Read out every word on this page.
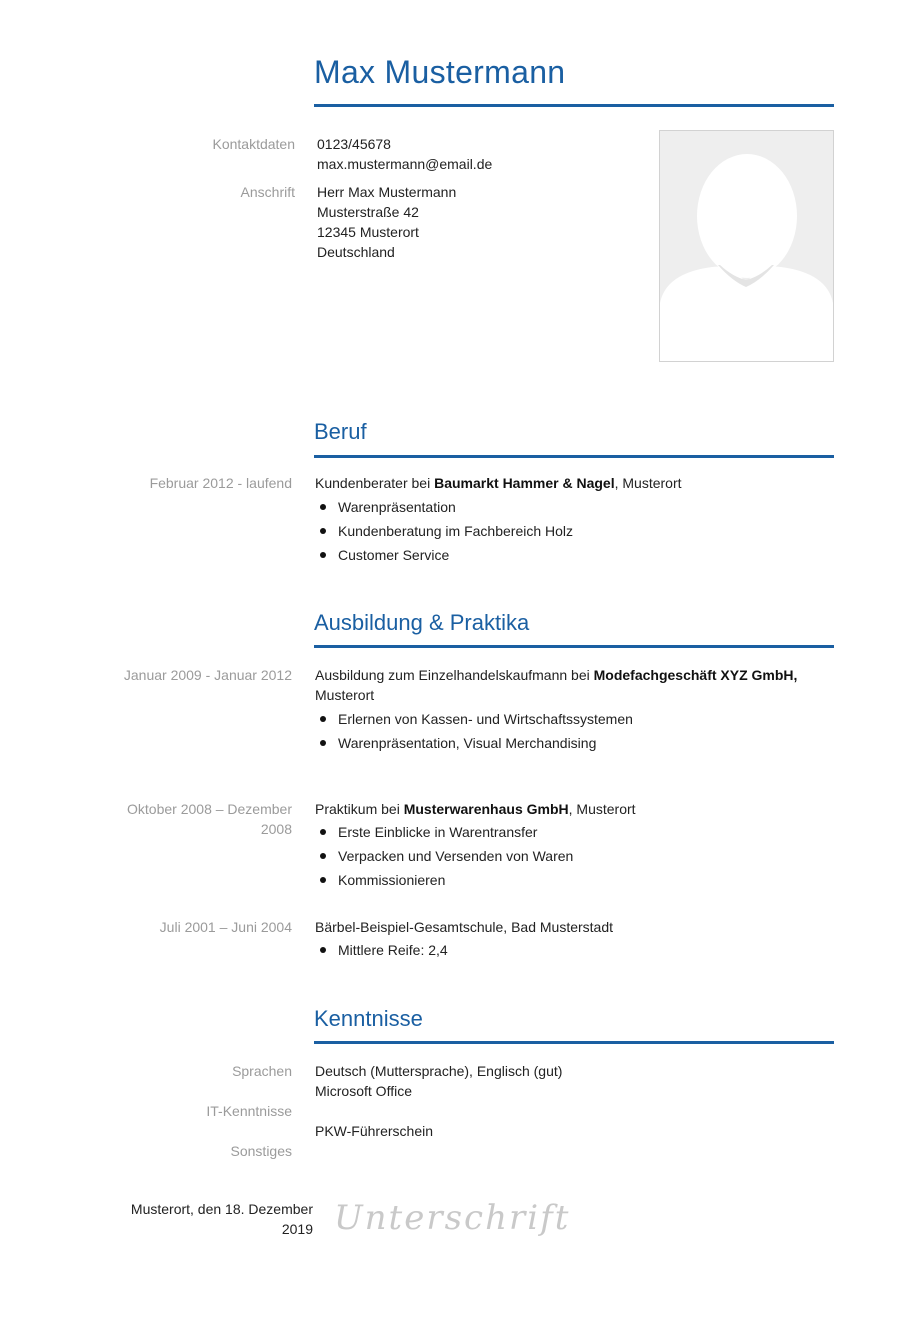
Max Mustermann
Kontaktdaten 0123/45678
max.mustermann@email.de
Anschrift Herr Max Mustermann
Musterstraße 42
12345 Musterort
Deutschland
Beruf
Februar 2012 - laufend Kundenberater bei Baumarkt Hammer & Nagel, Musterort
Warenpräsentation
Kundenberatung im Fachbereich Holz
Customer Service
Ausbildung & Praktika
Januar 2009 - Januar 2012 Ausbildung zum Einzelhandelskaufmann bei Modefachgeschäft XYZ GmbH,
Musterort
Erlernen von Kassen- und Wirtschaftssystemen
Warenpräsentation, Visual Merchandising
Oktober 2008 – Dezember
2008
Praktikum bei Musterwarenhaus GmbH, Musterort
Erste Einblicke in Warentransfer
Verpacken und Versenden von Waren
Kommissionieren
Juli 2001 – Juni 2004 Bärbel-Beispiel-Gesamtschule, Bad Musterstadt
Mittlere Reife: 2,4
Kenntnisse
Sprachen
IT-Kenntnisse
Sonstiges
Deutsch (Muttersprache), Englisch (gut)
Microsoft Office
PKW-Führerschein
Musterort, den 18. Dezember
2019 Unterschrift
